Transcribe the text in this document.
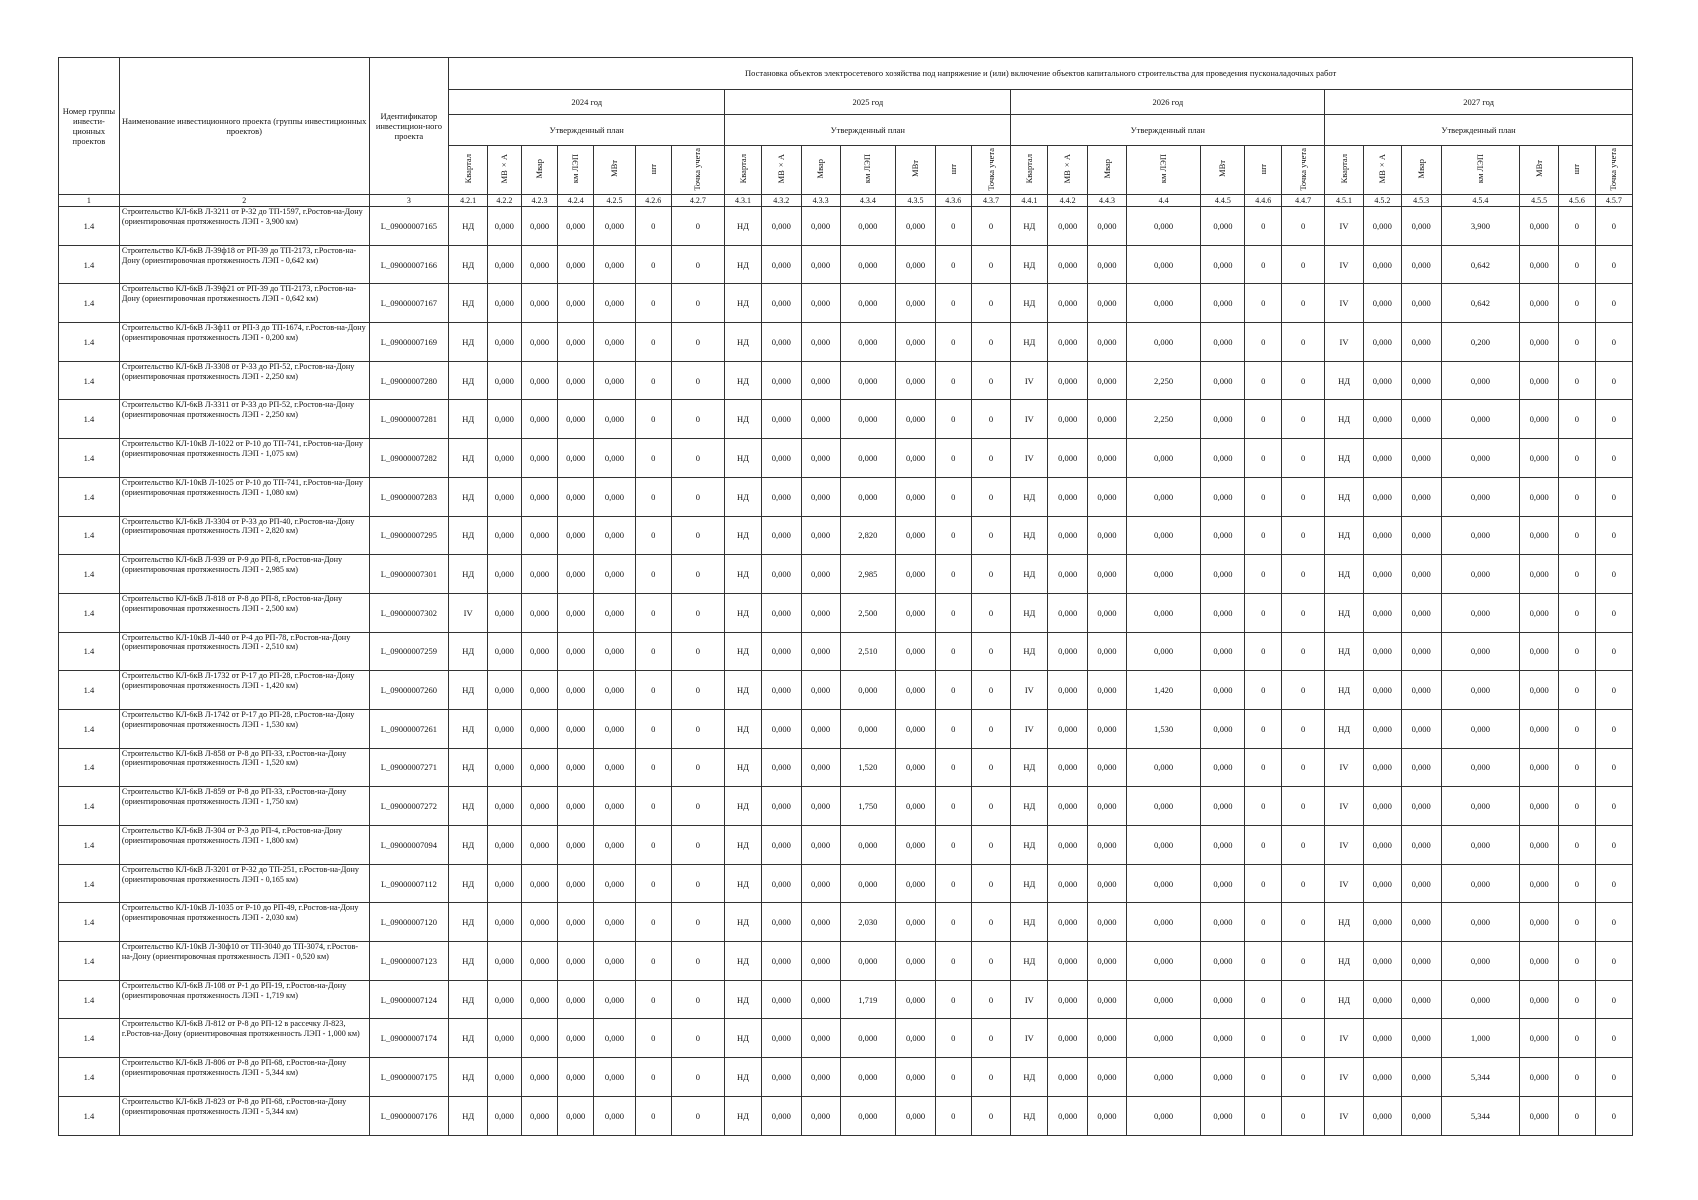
Номер группы инвести-ционных проектов	Наименование инвестиционного проекта (группы инвестиционных проектов)	Идентификатор инвестицион-ного проекта	Постановка объектов электросетевого хозяйства под напряжение и (или) включение объектов капитального строительства для проведения пусконаладочных работ																											
			2024 год							2025 год							2026 год							2027 год						
			Утвержденный план							Утвержденный план							Утвержденный план							Утвержденный план						
			Квартал	МВ×А	Мвар	км ЛЭП	МВт	шт	Точка учета	Квартал	МВ×А	Мвар	км ЛЭП	МВт	шт	Точка учета	Квартал	МВ×А	Мвар	км ЛЭП	МВт	шт	Точка учета	Квартал	МВ×А	Мвар	км ЛЭП	МВт	шт	Точка учета
1	2	3	4.2.1	4.2.2	4.2.3	4.2.4	4.2.5	4.2.6	4.2.7	4.3.1	4.3.2	4.3.3	4.3.4	4.3.5	4.3.6	4.3.7	4.4.1	4.4.2	4.4.3	4.4	4.4.5	4.4.6	4.4.7	4.5.1	4.5.2	4.5.3	4.5.4	4.5.5	4.5.6	4.5.7
1.4	Строительство КЛ-6кВ Л-3211 от Р-32 до ТП-1597, г.Ростов-на-Дону (ориентировочная протяженность ЛЭП - 3,900 км)	L_09000007165	НД	0,000	0,000	0,000	0,000	0	0	НД	0,000	0,000	0,000	0,000	0	0	НД	0,000	0,000	0,000	0,000	0	0	IV	0,000	0,000	3,900	0,000	0	0
1.4	Строительство КЛ-6кВ Л-39ф18 от РП-39 до ТП-2173, г.Ростов-на-Дону (ориентировочная протяженность ЛЭП - 0,642 км)	L_09000007166	НД	0,000	0,000	0,000	0,000	0	0	НД	0,000	0,000	0,000	0,000	0	0	НД	0,000	0,000	0,000	0,000	0	0	IV	0,000	0,000	0,642	0,000	0	0
1.4	Строительство КЛ-6кВ Л-39ф21 от РП-39 до ТП-2173, г.Ростов-на-Дону (ориентировочная протяженность ЛЭП - 0,642 км)	L_09000007167	НД	0,000	0,000	0,000	0,000	0	0	НД	0,000	0,000	0,000	0,000	0	0	НД	0,000	0,000	0,000	0,000	0	0	IV	0,000	0,000	0,642	0,000	0	0
1.4	Строительство КЛ-6кВ Л-3ф11 от РП-3 до ТП-1674, г.Ростов-на-Дону (ориентировочная протяженность ЛЭП - 0,200 км)	L_09000007169	НД	0,000	0,000	0,000	0,000	0	0	НД	0,000	0,000	0,000	0,000	0	0	НД	0,000	0,000	0,000	0,000	0	0	IV	0,000	0,000	0,200	0,000	0	0
1.4	Строительство КЛ-6кВ Л-3308 от Р-33 до РП-52, г.Ростов-на-Дону (ориентировочная протяженность ЛЭП - 2,250 км)	L_09000007280	НД	0,000	0,000	0,000	0,000	0	0	НД	0,000	0,000	0,000	0,000	0	0	IV	0,000	0,000	2,250	0,000	0	0	НД	0,000	0,000	0,000	0,000	0	0
1.4	Строительство КЛ-6кВ Л-3311 от Р-33 до РП-52, г.Ростов-на-Дону (ориентировочная протяженность ЛЭП - 2,250 км)	L_09000007281	НД	0,000	0,000	0,000	0,000	0	0	НД	0,000	0,000	0,000	0,000	0	0	IV	0,000	0,000	2,250	0,000	0	0	НД	0,000	0,000	0,000	0,000	0	0
1.4	Строительство КЛ-10кВ Л-1022 от Р-10 до ТП-741, г.Ростов-на-Дону (ориентировочная протяженность ЛЭП - 1,075 км)	L_09000007282	НД	0,000	0,000	0,000	0,000	0	0	НД	0,000	0,000	0,000	0,000	0	0	IV	0,000	0,000	0,000	0,000	0	0	НД	0,000	0,000	0,000	0,000	0	0
1.4	Строительство КЛ-10кВ Л-1025 от Р-10 до ТП-741, г.Ростов-на-Дону (ориентировочная протяженность ЛЭП - 1,080 км)	L_09000007283	НД	0,000	0,000	0,000	0,000	0	0	НД	0,000	0,000	0,000	0,000	0	0	НД	0,000	0,000	0,000	0,000	0	0	НД	0,000	0,000	0,000	0,000	0	0
1.4	Строительство КЛ-6кВ Л-3304 от Р-33 до РП-40, г.Ростов-на-Дону (ориентировочная протяженность ЛЭП - 2,820 км)	L_09000007295	НД	0,000	0,000	0,000	0,000	0	0	НД	0,000	0,000	2,820	0,000	0	0	НД	0,000	0,000	0,000	0,000	0	0	НД	0,000	0,000	0,000	0,000	0	0
1.4	Строительство КЛ-6кВ Л-939 от Р-9 до РП-8, г.Ростов-на-Дону (ориентировочная протяженность ЛЭП - 2,985 км)	L_09000007301	НД	0,000	0,000	0,000	0,000	0	0	НД	0,000	0,000	2,985	0,000	0	0	НД	0,000	0,000	0,000	0,000	0	0	НД	0,000	0,000	0,000	0,000	0	0
1.4	Строительство КЛ-6кВ Л-818 от Р-8 до РП-8, г.Ростов-на-Дону (ориентировочная протяженность ЛЭП - 2,500 км)	L_09000007302	IV	0,000	0,000	0,000	0,000	0	0	НД	0,000	0,000	2,500	0,000	0	0	НД	0,000	0,000	0,000	0,000	0	0	НД	0,000	0,000	0,000	0,000	0	0
1.4	Строительство КЛ-10кВ Л-440 от Р-4 до РП-78, г.Ростов-на-Дону (ориентировочная протяженность ЛЭП - 2,510 км)	L_09000007259	НД	0,000	0,000	0,000	0,000	0	0	НД	0,000	0,000	2,510	0,000	0	0	НД	0,000	0,000	0,000	0,000	0	0	НД	0,000	0,000	0,000	0,000	0	0
1.4	Строительство КЛ-6кВ Л-1732 от Р-17 до РП-28, г.Ростов-на-Дону (ориентировочная протяженность ЛЭП - 1,420 км)	L_09000007260	НД	0,000	0,000	0,000	0,000	0	0	НД	0,000	0,000	0,000	0,000	0	0	IV	0,000	0,000	1,420	0,000	0	0	НД	0,000	0,000	0,000	0,000	0	0
1.4	Строительство КЛ-6кВ Л-1742 от Р-17 до РП-28, г.Ростов-на-Дону (ориентировочная протяженность ЛЭП - 1,530 км)	L_09000007261	НД	0,000	0,000	0,000	0,000	0	0	НД	0,000	0,000	0,000	0,000	0	0	IV	0,000	0,000	1,530	0,000	0	0	НД	0,000	0,000	0,000	0,000	0	0
1.4	Строительство КЛ-6кВ Л-858 от Р-8 до РП-33, г.Ростов-на-Дону (ориентировочная протяженность ЛЭП - 1,520 км)	L_09000007271	НД	0,000	0,000	0,000	0,000	0	0	НД	0,000	0,000	1,520	0,000	0	0	НД	0,000	0,000	0,000	0,000	0	0	IV	0,000	0,000	0,000	0,000	0	0
1.4	Строительство КЛ-6кВ Л-859 от Р-8 до РП-33, г.Ростов-на-Дону (ориентировочная протяженность ЛЭП - 1,750 км)	L_09000007272	НД	0,000	0,000	0,000	0,000	0	0	НД	0,000	0,000	1,750	0,000	0	0	НД	0,000	0,000	0,000	0,000	0	0	IV	0,000	0,000	0,000	0,000	0	0
1.4	Строительство КЛ-6кВ Л-304 от Р-3 до РП-4, г.Ростов-на-Дону (ориентировочная протяженность ЛЭП - 1,800 км)	L_09000007094	НД	0,000	0,000	0,000	0,000	0	0	НД	0,000	0,000	0,000	0,000	0	0	НД	0,000	0,000	0,000	0,000	0	0	IV	0,000	0,000	0,000	0,000	0	0
1.4	Строительство КЛ-6кВ Л-3201 от Р-32 до ТП-251, г.Ростов-на-Дону (ориентировочная протяженность ЛЭП - 0,165 км)	L_09000007112	НД	0,000	0,000	0,000	0,000	0	0	НД	0,000	0,000	0,000	0,000	0	0	НД	0,000	0,000	0,000	0,000	0	0	IV	0,000	0,000	0,000	0,000	0	0
1.4	Строительство КЛ-10кВ Л-1035 от Р-10 до РП-49, г.Ростов-на-Дону (ориентировочная протяженность ЛЭП - 2,030 км)	L_09000007120	НД	0,000	0,000	0,000	0,000	0	0	НД	0,000	0,000	2,030	0,000	0	0	НД	0,000	0,000	0,000	0,000	0	0	НД	0,000	0,000	0,000	0,000	0	0
1.4	Строительство КЛ-10кВ Л-30ф10 от ТП-3040 до ТП-3074, г.Ростов-на-Дону (ориентировочная протяженность ЛЭП - 0,520 км)	L_09000007123	НД	0,000	0,000	0,000	0,000	0	0	НД	0,000	0,000	0,000	0,000	0	0	НД	0,000	0,000	0,000	0,000	0	0	НД	0,000	0,000	0,000	0,000	0	0
1.4	Строительство КЛ-6кВ Л-108 от Р-1 до РП-19, г.Ростов-на-Дону (ориентировочная протяженность ЛЭП - 1,719 км)	L_09000007124	НД	0,000	0,000	0,000	0,000	0	0	НД	0,000	0,000	1,719	0,000	0	0	IV	0,000	0,000	0,000	0,000	0	0	НД	0,000	0,000	0,000	0,000	0	0
1.4	Строительство КЛ-6кВ Л-812 от Р-8 до РП-12 в рассечку Л-823, г.Ростов-на-Дону (ориентировочная протяженность ЛЭП - 1,000 км)	L_09000007174	НД	0,000	0,000	0,000	0,000	0	0	НД	0,000	0,000	0,000	0,000	0	0	IV	0,000	0,000	0,000	0,000	0	0	IV	0,000	0,000	1,000	0,000	0	0
1.4	Строительство КЛ-6кВ Л-806 от Р-8 до РП-68, г.Ростов-на-Дону (ориентировочная протяженность ЛЭП - 5,344 км)	L_09000007175	НД	0,000	0,000	0,000	0,000	0	0	НД	0,000	0,000	0,000	0,000	0	0	НД	0,000	0,000	0,000	0,000	0	0	IV	0,000	0,000	5,344	0,000	0	0
1.4	Строительство КЛ-6кВ Л-823 от Р-8 до РП-68, г.Ростов-на-Дону (ориентировочная протяженность ЛЭП - 5,344 км)	L_09000007176	НД	0,000	0,000	0,000	0,000	0	0	НД	0,000	0,000	0,000	0,000	0	0	НД	0,000	0,000	0,000	0,000	0	0	IV	0,000	0,000	5,344	0,000	0	0
